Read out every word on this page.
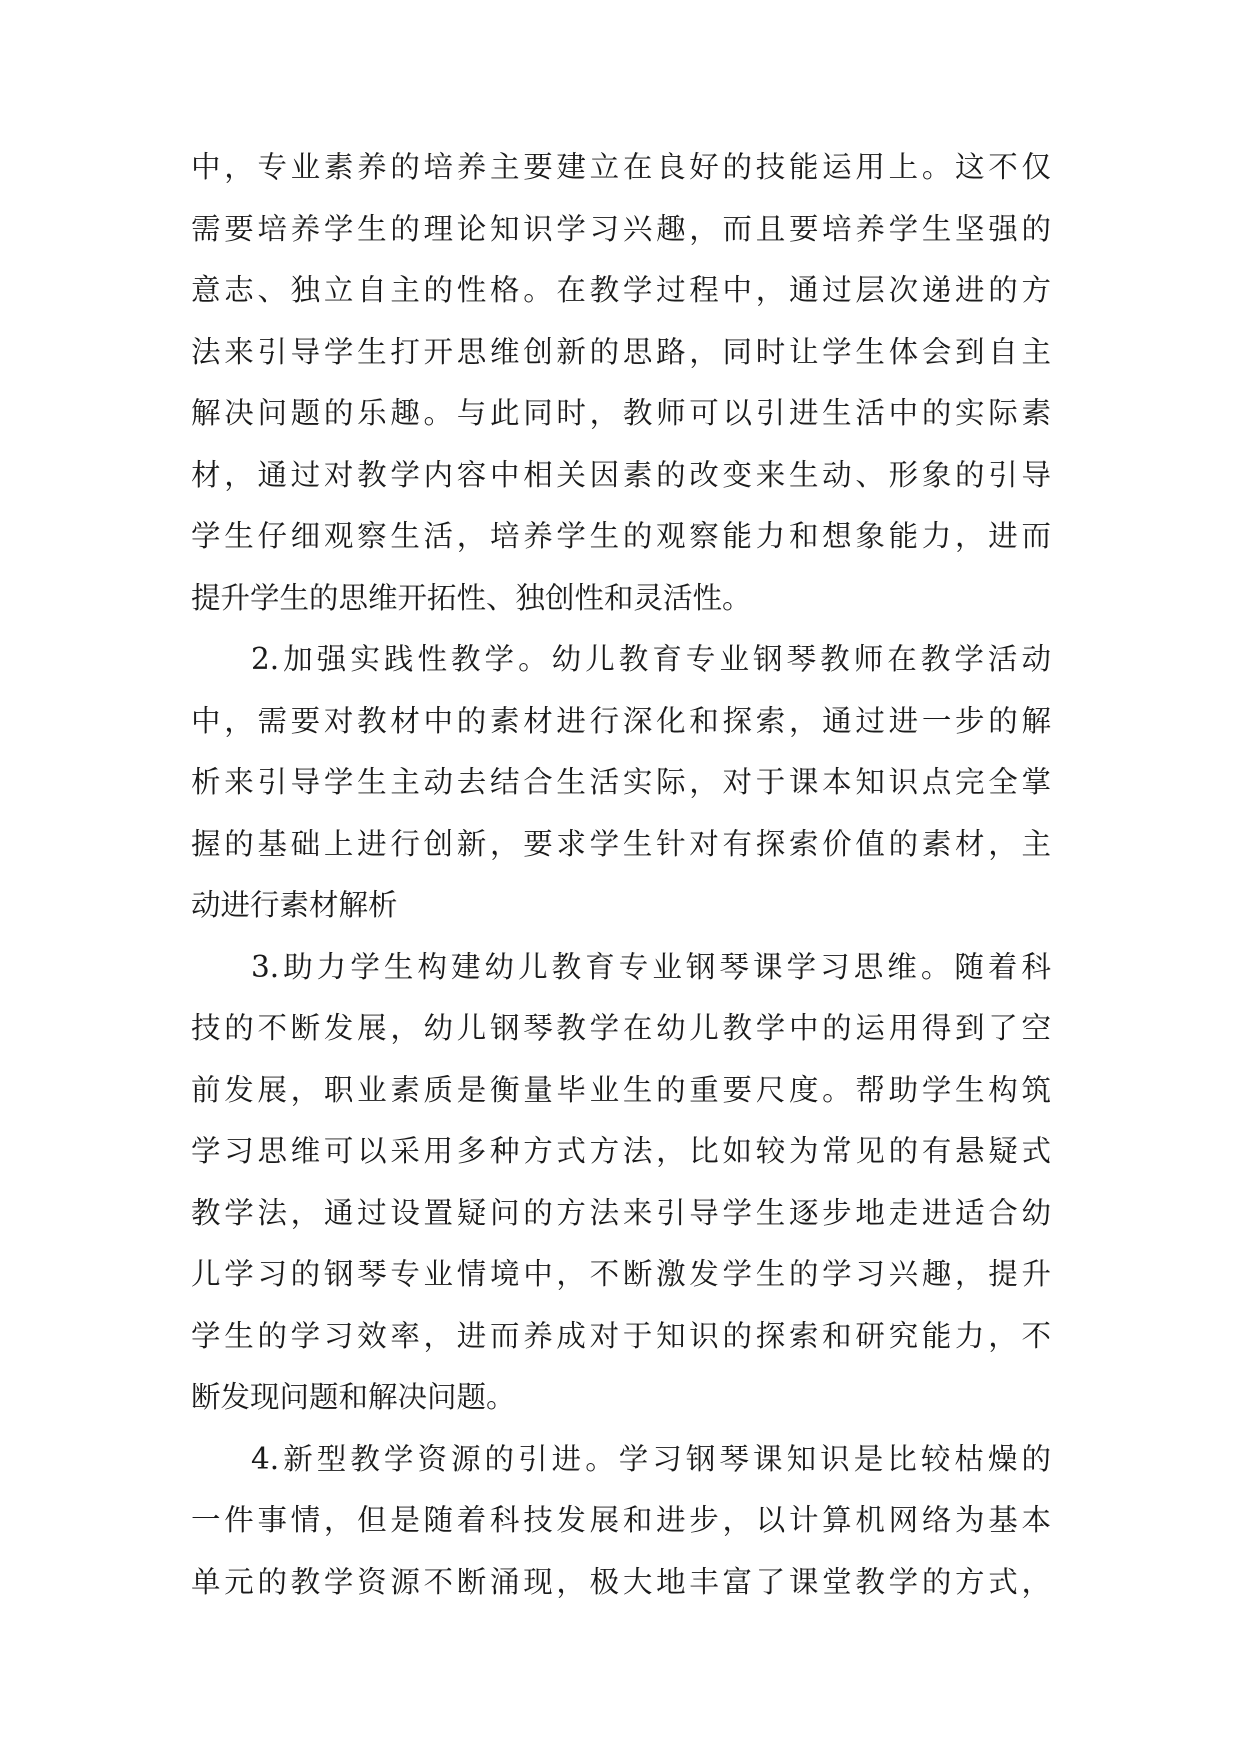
中，专业素养的培养主要建立在良好的技能运用上。这不仅
需要培养学生的理论知识学习兴趣，而且要培养学生坚强的
意志、独立自主的性格。在教学过程中，通过层次递进的方
法来引导学生打开思维创新的思路，同时让学生体会到自主
解决问题的乐趣。与此同时，教师可以引进生活中的实际素
材，通过对教学内容中相关因素的改变来生动、形象的引导
学生仔细观察生活，培养学生的观察能力和想象能力，进而
提升学生的思维开拓性、独创性和灵活性。
2.加强实践性教学。幼儿教育专业钢琴教师在教学活动
中，需要对教材中的素材进行深化和探索，通过进一步的解
析来引导学生主动去结合生活实际，对于课本知识点完全掌
握的基础上进行创新，要求学生针对有探索价值的素材，主
动进行素材解析
3.助力学生构建幼儿教育专业钢琴课学习思维。随着科
技的不断发展，幼儿钢琴教学在幼儿教学中的运用得到了空
前发展，职业素质是衡量毕业生的重要尺度。帮助学生构筑
学习思维可以采用多种方式方法，比如较为常见的有悬疑式
教学法，通过设置疑问的方法来引导学生逐步地走进适合幼
儿学习的钢琴专业情境中，不断激发学生的学习兴趣，提升
学生的学习效率，进而养成对于知识的探索和研究能力，不
断发现问题和解决问题。
4.新型教学资源的引进。学习钢琴课知识是比较枯燥的
一件事情，但是随着科技发展和进步，以计算机网络为基本
单元的教学资源不断涌现，极大地丰富了课堂教学的方式，
